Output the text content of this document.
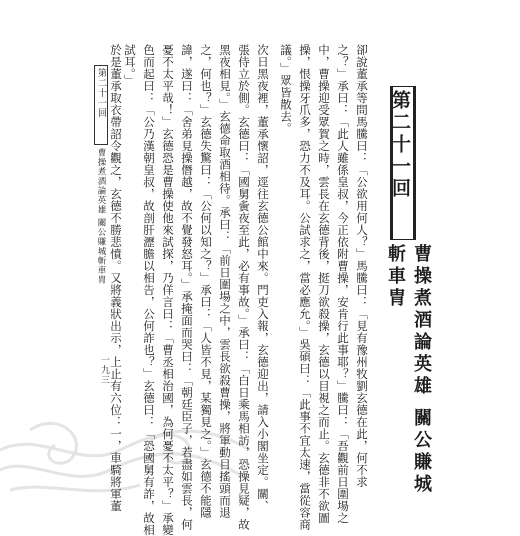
第二十一回
曹操煮酒論英雄 關公賺城斬車胄
卻說董承等問馬騰曰：「公欲用何人？」馬騰曰：「見有豫州牧劉玄德在此，何不求
之？」承曰：「此人雖係皇叔，今正依附曹操，安肯行此事耶？」騰曰：「吾觀前日圍場之
中，曹操迎受眾賀之時，雲長在玄德背後，挺刀欲殺操，玄德以目視之而止。玄德非不欲圖
操，恨操牙爪多，恐力不及耳。公試求之，當必應允。」吳碩曰：「此事不宜太速，當從容商
議。」眾皆散去。
次日黑夜裡，董承懷詔，逕往玄德公館中來。門吏入報，玄德迎出，請入小閣坐定。關、
張侍立於側。玄德曰：「國舅夤夜至此，必有事故。」承曰：「白日乘馬相訪，恐操見疑，故
黑夜相見。」玄德命取酒相待。承曰：「前日圍場之中，雲長欲殺曹操，將軍動目搖頭而退
之，何也？」玄德失驚曰：「公何以知之？」承曰：「人皆不見，某獨見之。」玄德不能隱
諱，遂曰：「舍弟見操僭越，故不覺發怒耳。」承掩面而哭曰：「朝廷臣子，若盡如雲長，何
憂不太平哉！」玄德恐是曹操使他來試探，乃佯言曰：「曹丞相治國，為何憂不太平？」承變
色而起曰：「公乃漢朝皇叔，故剖肝瀝膽以相告，公何詐也？」玄德曰：「恐國舅有詐，故相
試耳。」
於是董承取衣帶詔令觀之，玄德不勝悲憤。又將義狀出示，上止有六位：一，車騎將軍董
第二十一回
曹操煮酒論英雄 關公賺城斬車胄
一九三
